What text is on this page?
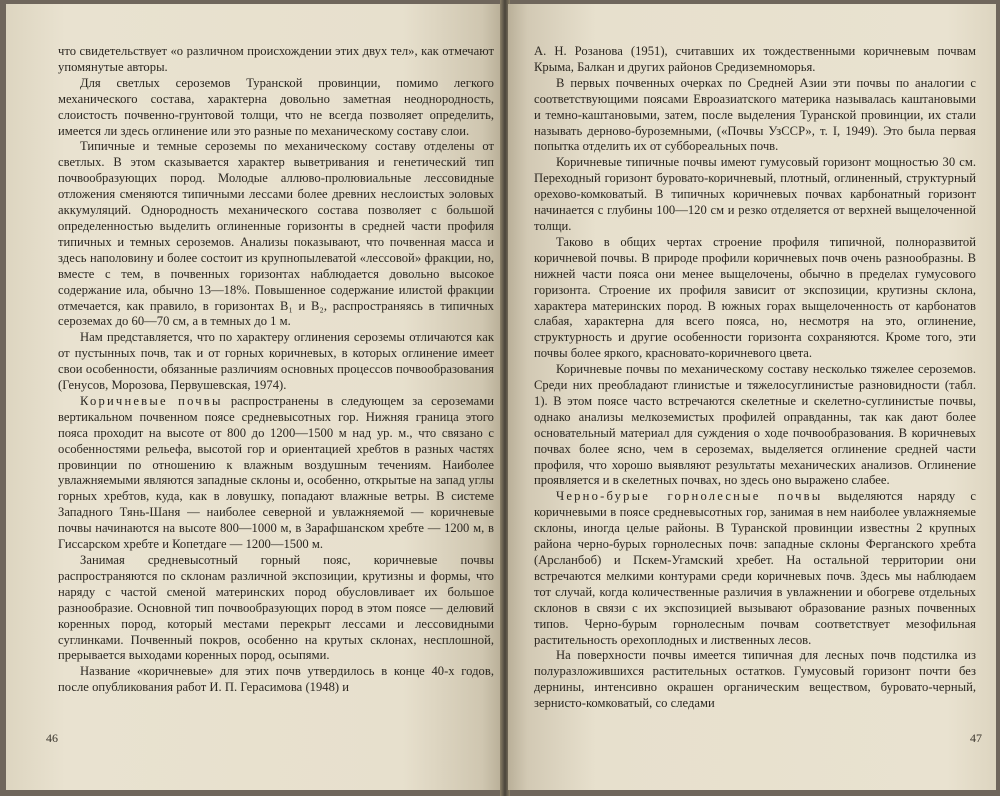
что свидетельствует «о различном происхождении этих двух тел», как отмечают упомянутые авторы.

Для светлых сероземов Туранской провинции, помимо легкого механического состава, характерна довольно заметная неоднородность, слоистость почвенно-грунтовой толщи, что не всегда позволяет определить, имеется ли здесь оглинение или это разные по механическому составу слои.

Типичные и темные сероземы по механическому составу отделены от светлых. В этом сказывается характер выветривания и генетический тип почвообразующих пород. Молодые аллюво-пролювиальные лессовидные отложения сменяются типичными лессами более древних неслоистых эоловых аккумуляций. Однородность механического состава позволяет с большой определенностью выделить оглиненные горизонты в средней части профиля типичных и темных сероземов. Анализы показывают, что почвенная масса и здесь наполовину и более состоит из крупнопылеватой «лессовой» фракции, но, вместе с тем, в почвенных горизонтах наблюдается довольно высокое содержание ила, обычно 13—18%. Повышенное содержание илистой фракции отмечается, как правило, в горизонтах B₁ и B₂, распространяясь в типичных сероземах до 60—70 см, а в темных до 1 м.

Нам представляется, что по характеру оглинения сероземы отличаются как от пустынных почв, так и от горных коричневых, в которых оглинение имеет свои особенности, обязанные различиям основных процессов почвообразования (Генусов, Морозова, Первушевская, 1974).

Коричневые почвы распространены в следующем за сероземами вертикальном почвенном поясе средневысотных гор. Нижняя граница этого пояса проходит на высоте от 800 до 1200—1500 м над ур. м., что связано с особенностями рельефа, высотой гор и ориентацией хребтов в разных частях провинции по отношению к влажным воздушным течениям. Наиболее увлажняемыми являются западные склоны и, особенно, открытые на запад углы горных хребтов, куда, как в ловушку, попадают влажные ветры. В системе Западного Тянь-Шаня — наиболее северной и увлажняемой — коричневые почвы начинаются на высоте 800—1000 м, в Зарафшанском хребте — 1200 м, в Гиссарском хребте и Копетдаге — 1200—1500 м.

Занимая средневысотный горный пояс, коричневые почвы распространяются по склонам различной экспозиции, крутизны и формы, что наряду с частой сменой материнских пород обусловливает их большое разнообразие. Основной тип почвообразующих пород в этом поясе — делювий коренных пород, который местами перекрыт лессами и лессовидными суглинками. Почвенный покров, особенно на крутых склонах, несплошной, прерывается выходами коренных пород, осыпями.

Название «коричневые» для этих почв утвердилось в конце 40-х годов, после опубликования работ И. П. Герасимова (1948) и

46

А. Н. Розанова (1951), считавших их тождественными коричневым почвам Крыма, Балкан и других районов Средиземноморья.

В первых почвенных очерках по Средней Азии эти почвы по аналогии с соответствующими поясами Евроазиатского материка называлась каштановыми и темно-каштановыми, затем, после выделения Туранской провинции, их стали называть дерново-буроземными, («Почвы УзССР», т. I, 1949). Это была первая попытка отделить их от суббореальных почв.

Коричневые типичные почвы имеют гумусовый горизонт мощностью 30 см. Переходный горизонт буровато-коричневый, плотный, оглиненный, структурный орехово-комковатый. В типичных коричневых почвах карбонатный горизонт начинается с глубины 100—120 см и резко отделяется от верхней выщелоченной толщи.

Таково в общих чертах строение профиля типичной, полноразвитой коричневой почвы. В природе профили коричневых почв очень разнообразны. В нижней части пояса они менее выщелочены, обычно в пределах гумусового горизонта. Строение их профиля зависит от экспозиции, крутизны склона, характера материнских пород. В южных горах выщелоченность от карбонатов слабая, характерна для всего пояса, но, несмотря на это, оглинение, структурность и другие особенности горизонта сохраняются. Кроме того, эти почвы более яркого, красновато-коричневого цвета.

Коричневые почвы по механическому составу несколько тяжелее сероземов. Среди них преобладают глинистые и тяжелосуглинистые разновидности (табл. 1). В этом поясе часто встречаются скелетные и скелетно-суглинистые почвы, однако анализы мелкоземистых профилей оправданны, так как дают более основательный материал для суждения о ходе почвообразования. В коричневых почвах более ясно, чем в сероземах, выделяется оглинение средней части профиля, что хорошо выявляют результаты механических анализов. Оглинение проявляется и в скелетных почвах, но здесь оно выражено слабее.

Черно-бурые горнолесные почвы выделяются наряду с коричневыми в поясе средневысотных гор, занимая в нем наиболее увлажняемые склоны, иногда целые районы. В Туранской провинции известны 2 крупных района черно-бурых горнолесных почв: западные склоны Ферганского хребта (Арсланбоб) и Пскем-Угамский хребет. На остальной территории они встречаются мелкими контурами среди коричневых почв. Здесь мы наблюдаем тот случай, когда количественные различия в увлажнении и обогреве отдельных склонов в связи с их экспозицией вызывают образование разных почвенных типов. Черно-бурым горнолесным почвам соответствует мезофильная растительность орехоплодных и лиственных лесов.

На поверхности почвы имеется типичная для лесных почв подстилка из полуразложившихся растительных остатков. Гумусовый горизонт почти без дернины, интенсивно окрашен органическим веществом, буровато-черный, зернисто-комковатый, со следами

47
